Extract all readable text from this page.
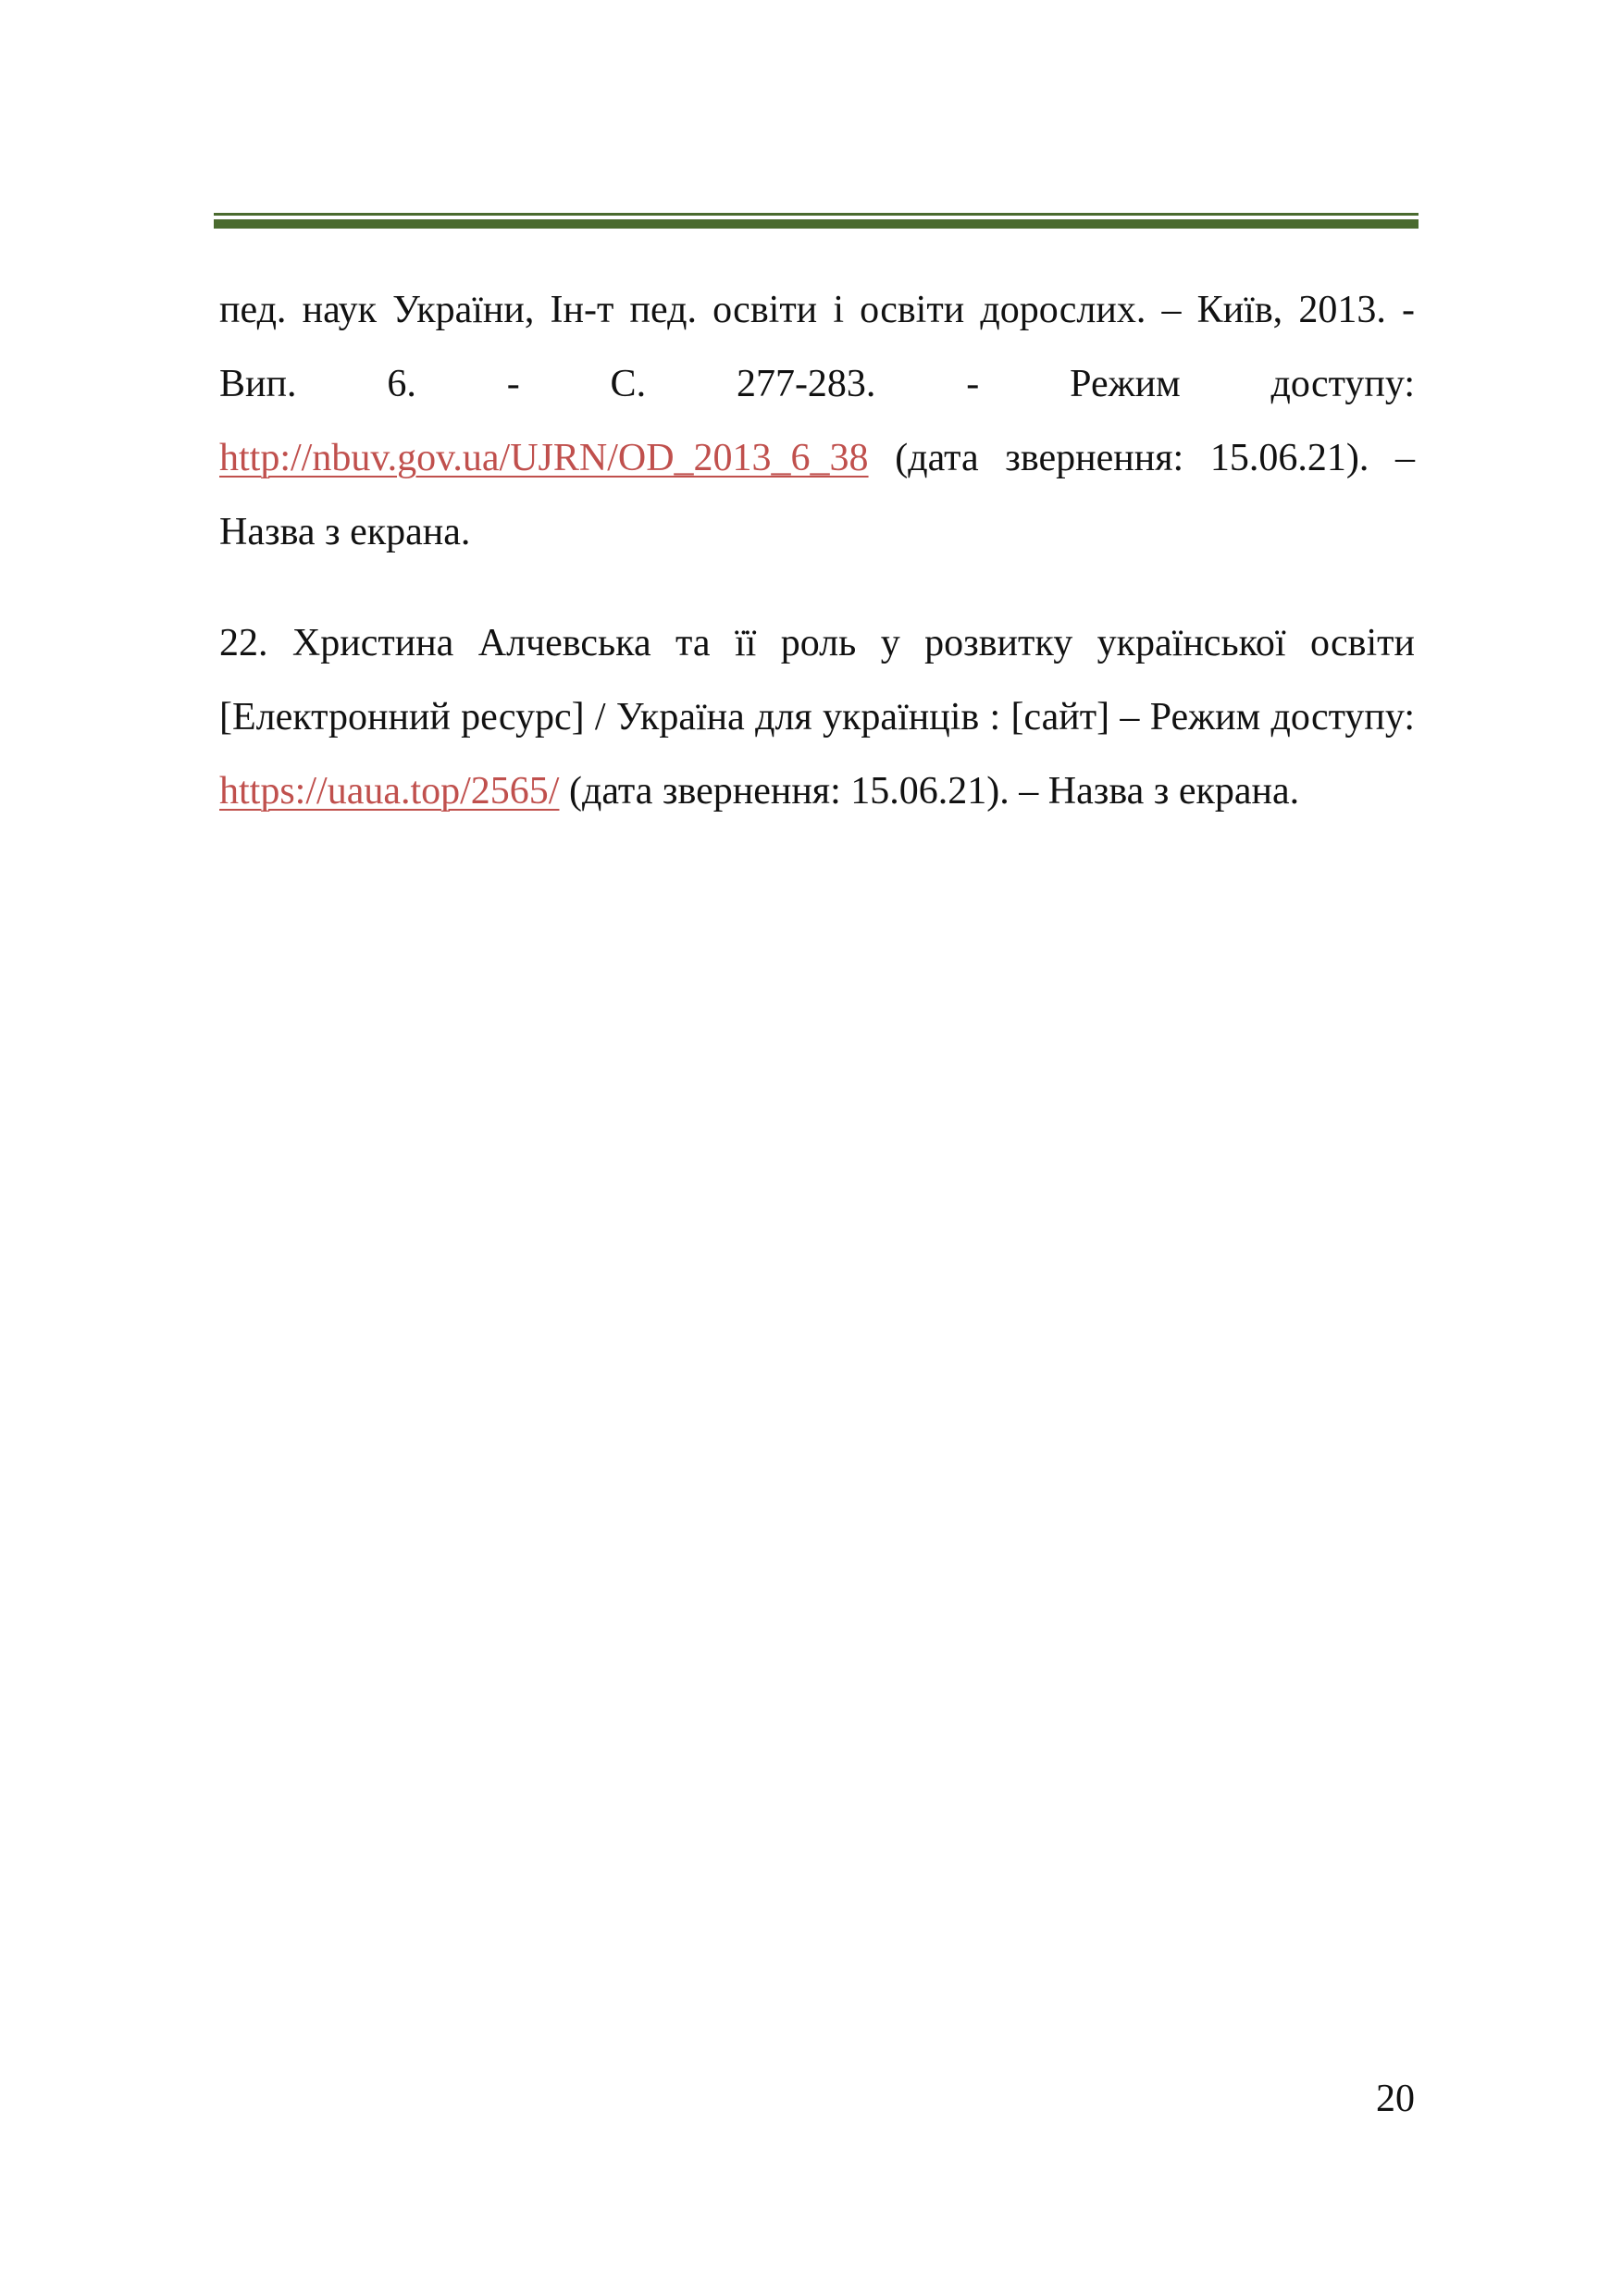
пед. наук України, Ін-т пед. освіти і освіти дорослих. – Київ, 2013. - Вип. 6. - С. 277-283. - Режим доступу: http://nbuv.gov.ua/UJRN/OD_2013_6_38 (дата звернення: 15.06.21). – Назва з екрана.

22. Христина Алчевська та її роль у розвитку української освіти [Електронний ресурс] / Україна для українців : [сайт] – Режим доступу: https://uaua.top/2565/ (дата звернення: 15.06.21). – Назва з екрана.

20
